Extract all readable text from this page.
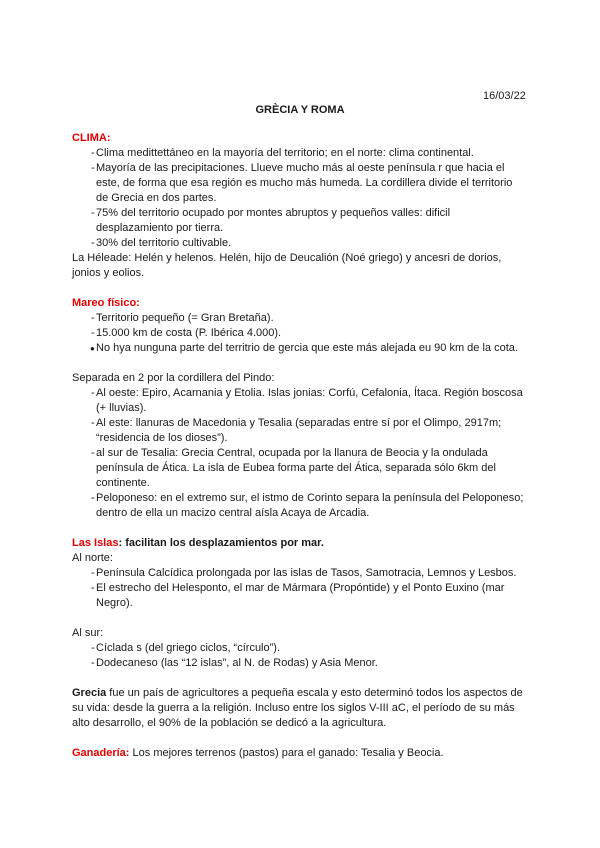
16/03/22
GRÈCIA Y ROMA

CLIMA:

- Clima medittettáneo en la mayoría del territorio; en el norte: clima continental.
- Mayoría de las precipitaciones. Llueve mucho más al oeste península r que hacia el este, de forma que esa región es mucho más humeda. La cordillera divide el territorio de Grecia en dos partes.
- 75% del territorio ocupado por montes abruptos y pequeños valles: dificil desplazamiento por tierra.
- 30% del territorio cultivable.

La Héleade: Helén y helenos. Helén, hijo de Deucalión (Noé griego) y ancesri de dorios, jonios y eolios.

Mareo físico:

- Territorio pequeño (= Gran Bretaña).
- 15.000 km de costa (P. Ibérica 4.000).
● No hya nunguna parte del territrio de gercia que este más alejada eu 90 km de la cota.

Separada en 2 por la cordillera del Pindo:

- Al oeste: Epiro, Acarnania y Etolia. Islas jonias: Corfú, Cefalonia, Ítaca. Región boscosa (+ lluvias).
- Al este: llanuras de Macedonia y Tesalia (separadas entre sí por el Olimpo, 2917m; “residencia de los dioses”).
- al sur de Tesalia: Grecia Central, ocupada por la llanura de Beocia y la ondulada península de Ática. La isla de Eubea forma parte del Ática, separada sólo 6km del continente.
- Peloponeso: en el extremo sur, el istmo de Corinto separa la península del Peloponeso; dentro de ella un macizo central aísla Acaya de Arcadia.

Las Islas: facilitan los desplazamientos por mar.

Al norte:

- Península Calcídica prolongada por las islas de Tasos, Samotracia, Lemnos y Lesbos.
- El estrecho del Helesponto, el mar de Mármara (Propóntide) y el Ponto Euxino (mar Negro).

Al sur:

- Cíclada s (del griego ciclos, “círculo”).
- Dodecaneso (las “12 islas”, al N. de Rodas) y Asia Menor.

Grecia fue un país de agricultores a pequeña escala y esto determinó todos los aspectos de su vida: desde la guerra a la religión. Incluso entre los siglos V-III aC, el período de su más alto desarrollo, el 90% de la población se dedicó a la agricultura.

Ganadería: Los mejores terrenos (pastos) para el ganado: Tesalia y Beocia.
